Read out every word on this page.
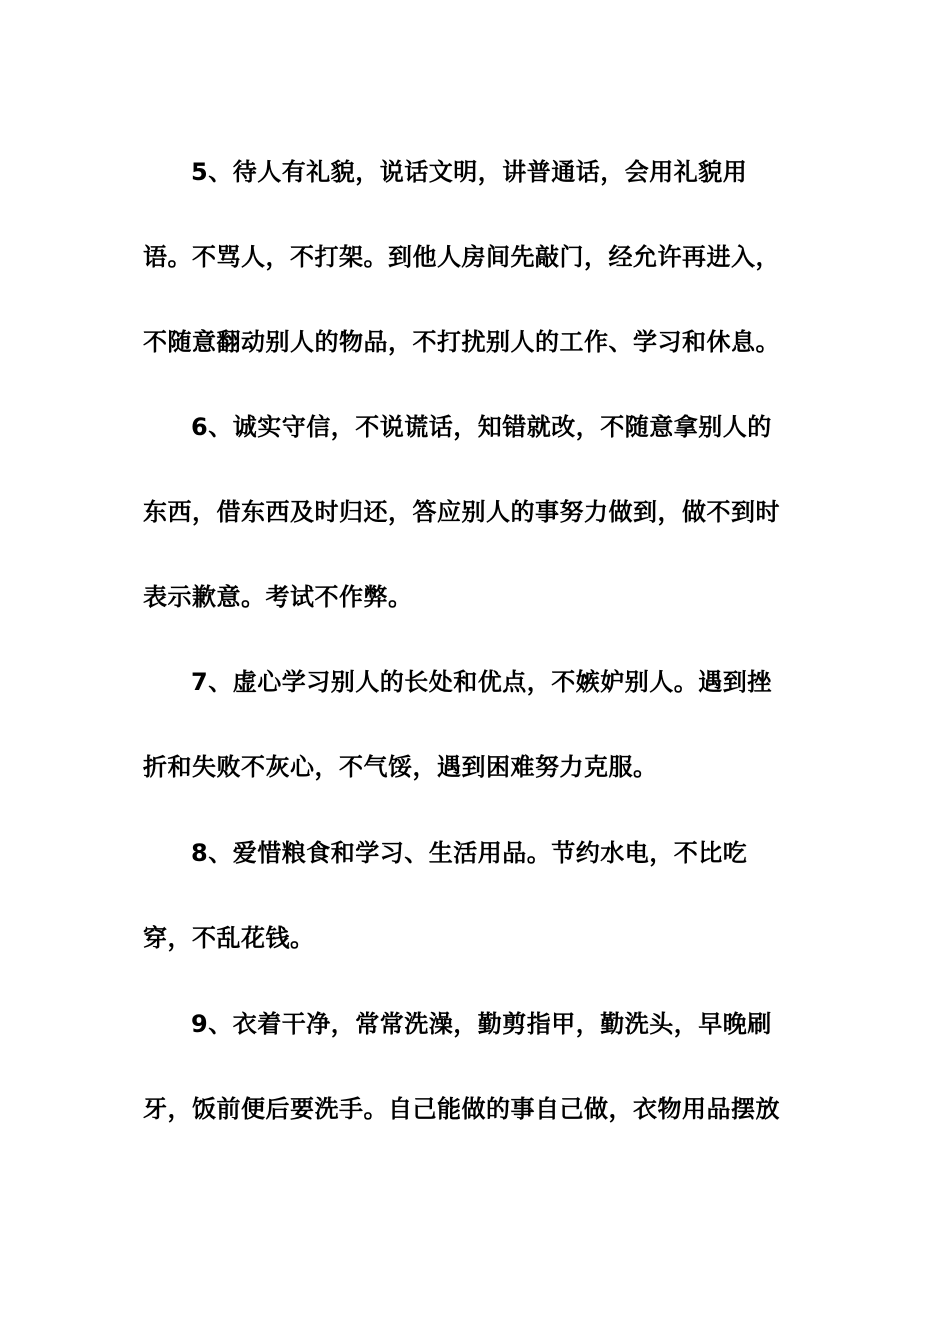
5、待人有礼貌，说话文明，讲普通话，会用礼貌用
语。不骂人，不打架。到他人房间先敲门，经允许再进入，
不随意翻动别人的物品，不打扰别人的工作、学习和休息。
6、诚实守信，不说谎话，知错就改，不随意拿别人的
东西，借东西及时归还，答应别人的事努力做到，做不到时
表示歉意。考试不作弊。
7、虚心学习别人的长处和优点，不嫉妒别人。遇到挫
折和失败不灰心，不气馁，遇到困难努力克服。
8、爱惜粮食和学习、生活用品。节约水电，不比吃
穿，不乱花钱。
9、衣着干净，常常洗澡，勤剪指甲，勤洗头，早晚刷
牙，饭前便后要洗手。自己能做的事自己做，衣物用品摆放
